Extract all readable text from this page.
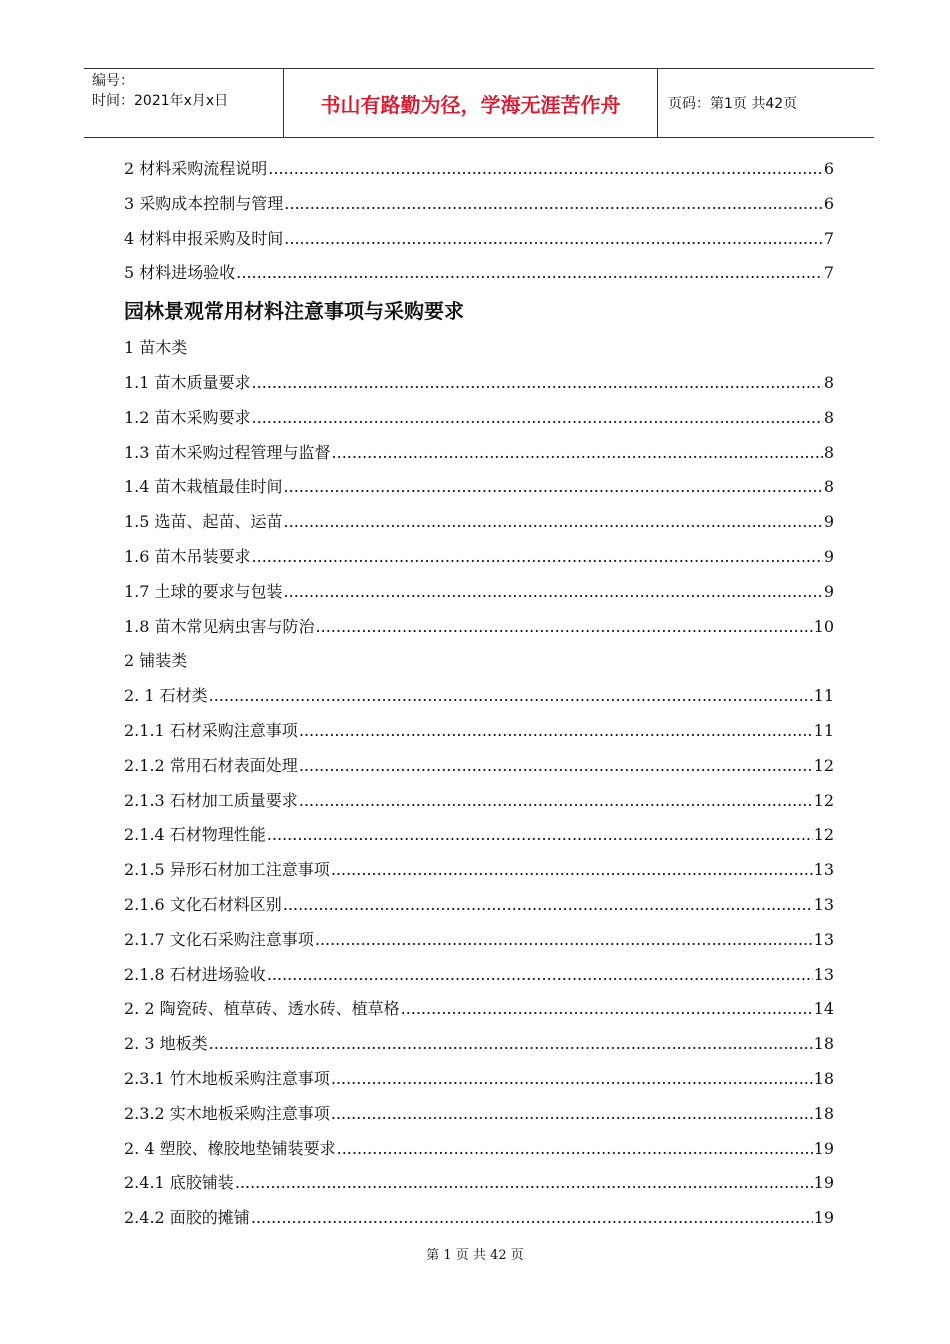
编号：
时间：2021年x月x日	书山有路勤为径，学海无涯苦作舟	页码：第1页 共42页
2 材料采购流程说明 .....	6
3 采购成本控制与管理 .....	6
4 材料申报采购及时间 .....	7
5 材料进场验收 .....	7
园林景观常用材料注意事项与采购要求
1 苗木类
1.1 苗木质量要求 .....	8
1.2 苗木采购要求 .....	8
1.3 苗木采购过程管理与监督 .....	8
1.4 苗木栽植最佳时间 .....	8
1.5 选苗、起苗、运苗 .....	9
1.6 苗木吊装要求 .....	9
1.7 土球的要求与包装 .....	9
1.8 苗木常见病虫害与防治 .....	10
2 铺装类
2. 1 石材类 .....	11
2.1.1 石材采购注意事项 .....	11
2.1.2 常用石材表面处理 .....	12
2.1.3 石材加工质量要求 .....	12
2.1.4 石材物理性能 .....	12
2.1.5 异形石材加工注意事项 .....	13
2.1.6 文化石材料区别 .....	13
2.1.7 文化石采购注意事项 .....	13
2.1.8 石材进场验收 .....	13
2. 2 陶瓷砖、植草砖、透水砖、植草格 .....	14
2. 3 地板类 .....	18
2.3.1 竹木地板采购注意事项 .....	18
2.3.2 实木地板采购注意事项 .....	18
2. 4 塑胶、橡胶地垫铺装要求 .....	19
2.4.1 底胶铺装 .....	19
2.4.2 面胶的摊铺 .....	19
第 1 页 共 42 页
